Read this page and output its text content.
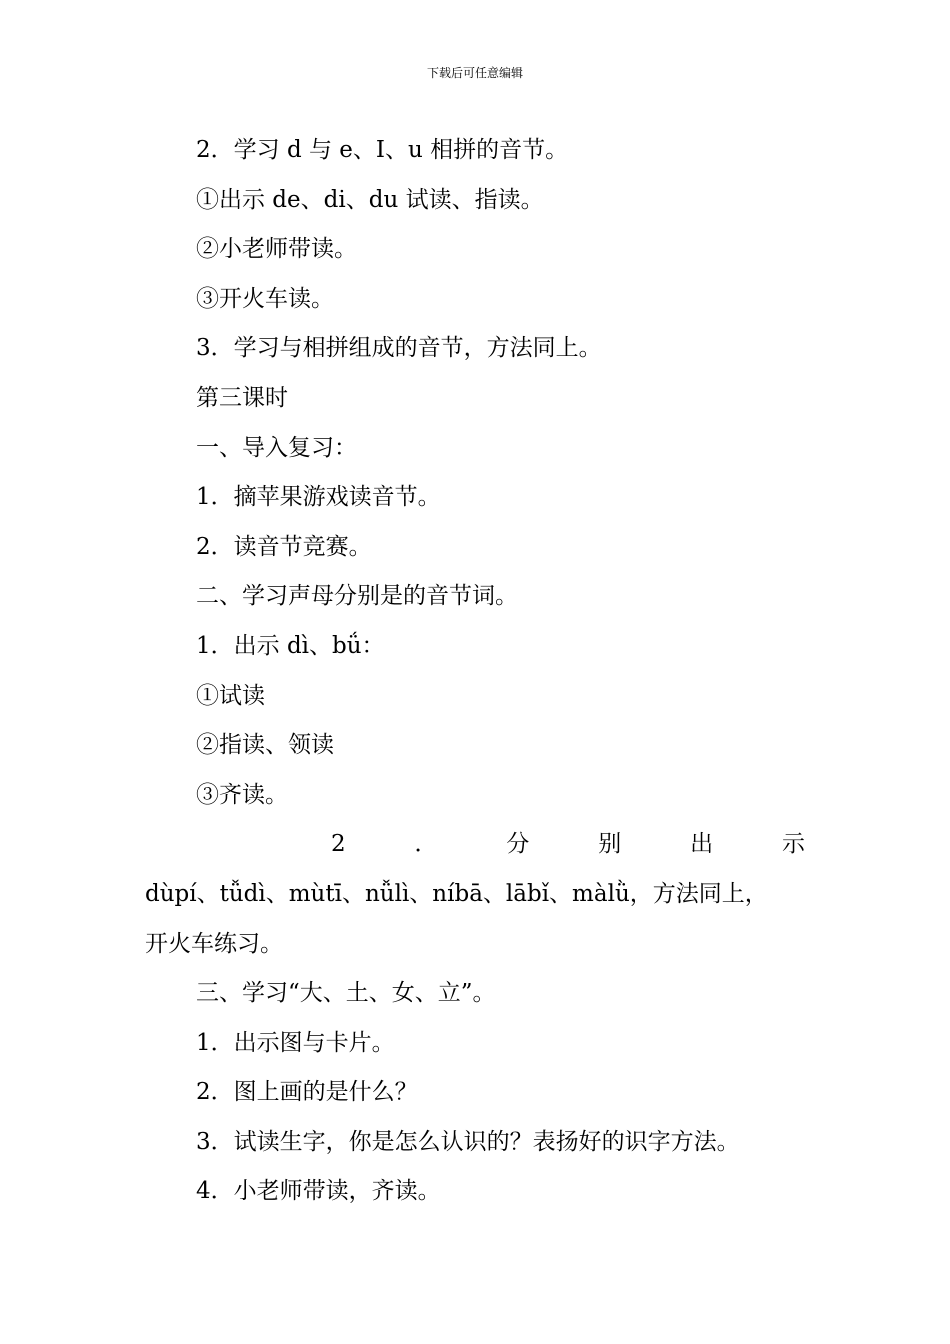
下载后可任意编辑
2．学习 d 与 e、I、u 相拼的音节。
①出示 de、di、du 试读、指读。
②小老师带读。
③开火车读。
3．学习与相拼组成的音节，方法同上。
第三课时
一、导入复习：
1．摘苹果游戏读音节。
2．读音节竞赛。
二、学习声母分别是的音节词。
1．出示 dì、bǘ：
①试读
②指读、领读
③齐读。
2	．	分	别	出	示
dùpí、tǚdì、mùtī、nǚlì、níbā、lābǐ、màlǜ，方法同上，
开火车练习。
三、学习“大、土、女、立”。
1．出示图与卡片。
2．图上画的是什么？
3．试读生字，你是怎么认识的？表扬好的识字方法。
4．小老师带读，齐读。
